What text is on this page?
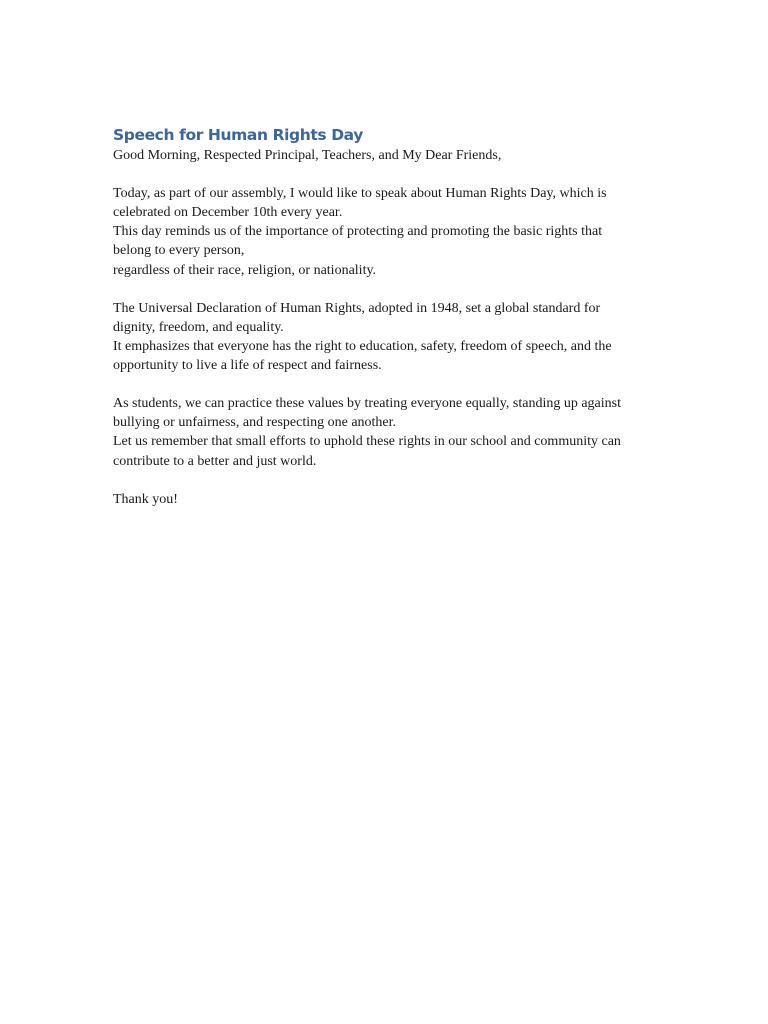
Speech for Human Rights Day

Good Morning, Respected Principal, Teachers, and My Dear Friends,

Today, as part of our assembly, I would like to speak about Human Rights Day, which is
celebrated on December 10th every year.
This day reminds us of the importance of protecting and promoting the basic rights that
belong to every person,
regardless of their race, religion, or nationality.

The Universal Declaration of Human Rights, adopted in 1948, set a global standard for
dignity, freedom, and equality.
It emphasizes that everyone has the right to education, safety, freedom of speech, and the
opportunity to live a life of respect and fairness.

As students, we can practice these values by treating everyone equally, standing up against
bullying or unfairness, and respecting one another.
Let us remember that small efforts to uphold these rights in our school and community can
contribute to a better and just world.

Thank you!
